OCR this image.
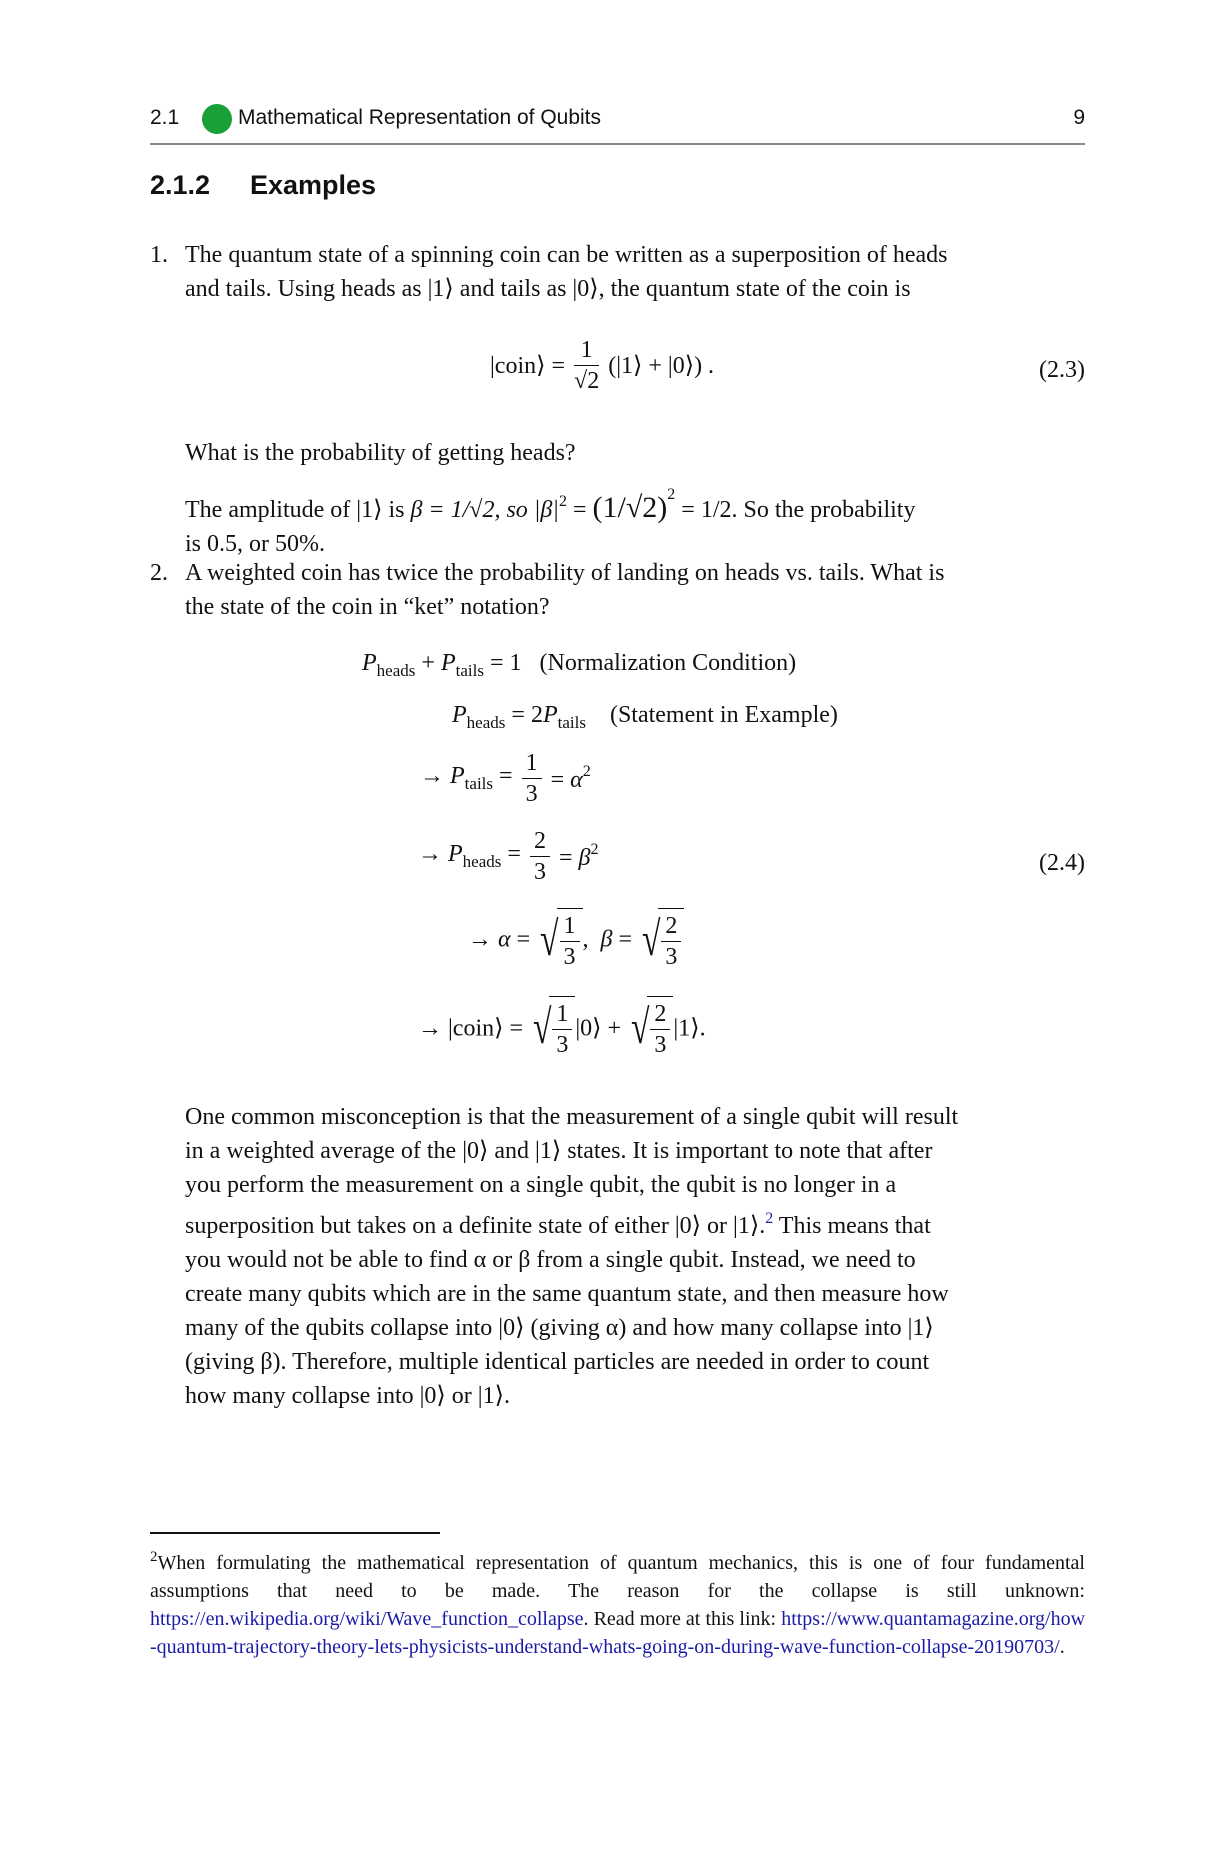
2.1	Mathematical Representation of Qubits	9
2.1.2 Examples
1. The quantum state of a spinning coin can be written as a superposition of heads
and tails. Using heads as |1⟩ and tails as |0⟩, the quantum state of the coin is
|coin⟩ = $\frac{1}{√2}$ (|1⟩ + |0⟩) .	(2.3)
What is the probability of getting heads?
The amplitude of |1⟩ is β = 1/√2, so $|\beta|^2 = (1/√2)^2 = 1/2$. So the probability
is 0.5, or 50%.
2. A weighted coin has twice the probability of landing on heads vs. tails. What is
the state of the coin in “ket” notation?
$P_{heads} + P_{tails} = 1$ (Normalization Condition)
$P_{heads} = 2P_{tails}$ (Statement in Example)
→ $P_{tails} = \frac{1}{3} = \alpha^2$
→ $P_{heads} = \frac{2}{3} = \beta^2$
(2.4)
→ α = √ $\frac{1}{3}$ ,  β = √ $\frac{2}{3}$
→ |coin⟩ = √ $\frac{1}{3}$ |0⟩ + √ $\frac{2}{3}$ |1⟩.
One common misconception is that the measurement of a single qubit will result
in a weighted average of the |0⟩ and |1⟩ states. It is important to note that after
you perform the measurement on a single qubit, the qubit is no longer in a
superposition but takes on a definite state of either |0⟩ or |1⟩.$^2$ This means that
you would not be able to find α or β from a single qubit. Instead, we need to
create many qubits which are in the same quantum state, and then measure how
many of the qubits collapse into |0⟩ (giving α) and how many collapse into |1⟩
(giving β). Therefore, multiple identical particles are needed in order to count
how many collapse into |0⟩ or |1⟩.
$^2$When formulating the mathematical representation of quantum mechanics, this is one of four fundamental assumptions that need to be made. The reason for the collapse is still unknown: https://en.wikipedia.org/wiki/Wave_function_collapse. Read more at this link: https://www.quantamagazine.org/how-quantum-trajectory-theory-lets-physicists-understand-whats-going-on-during-wave-function-collapse-20190703/.
